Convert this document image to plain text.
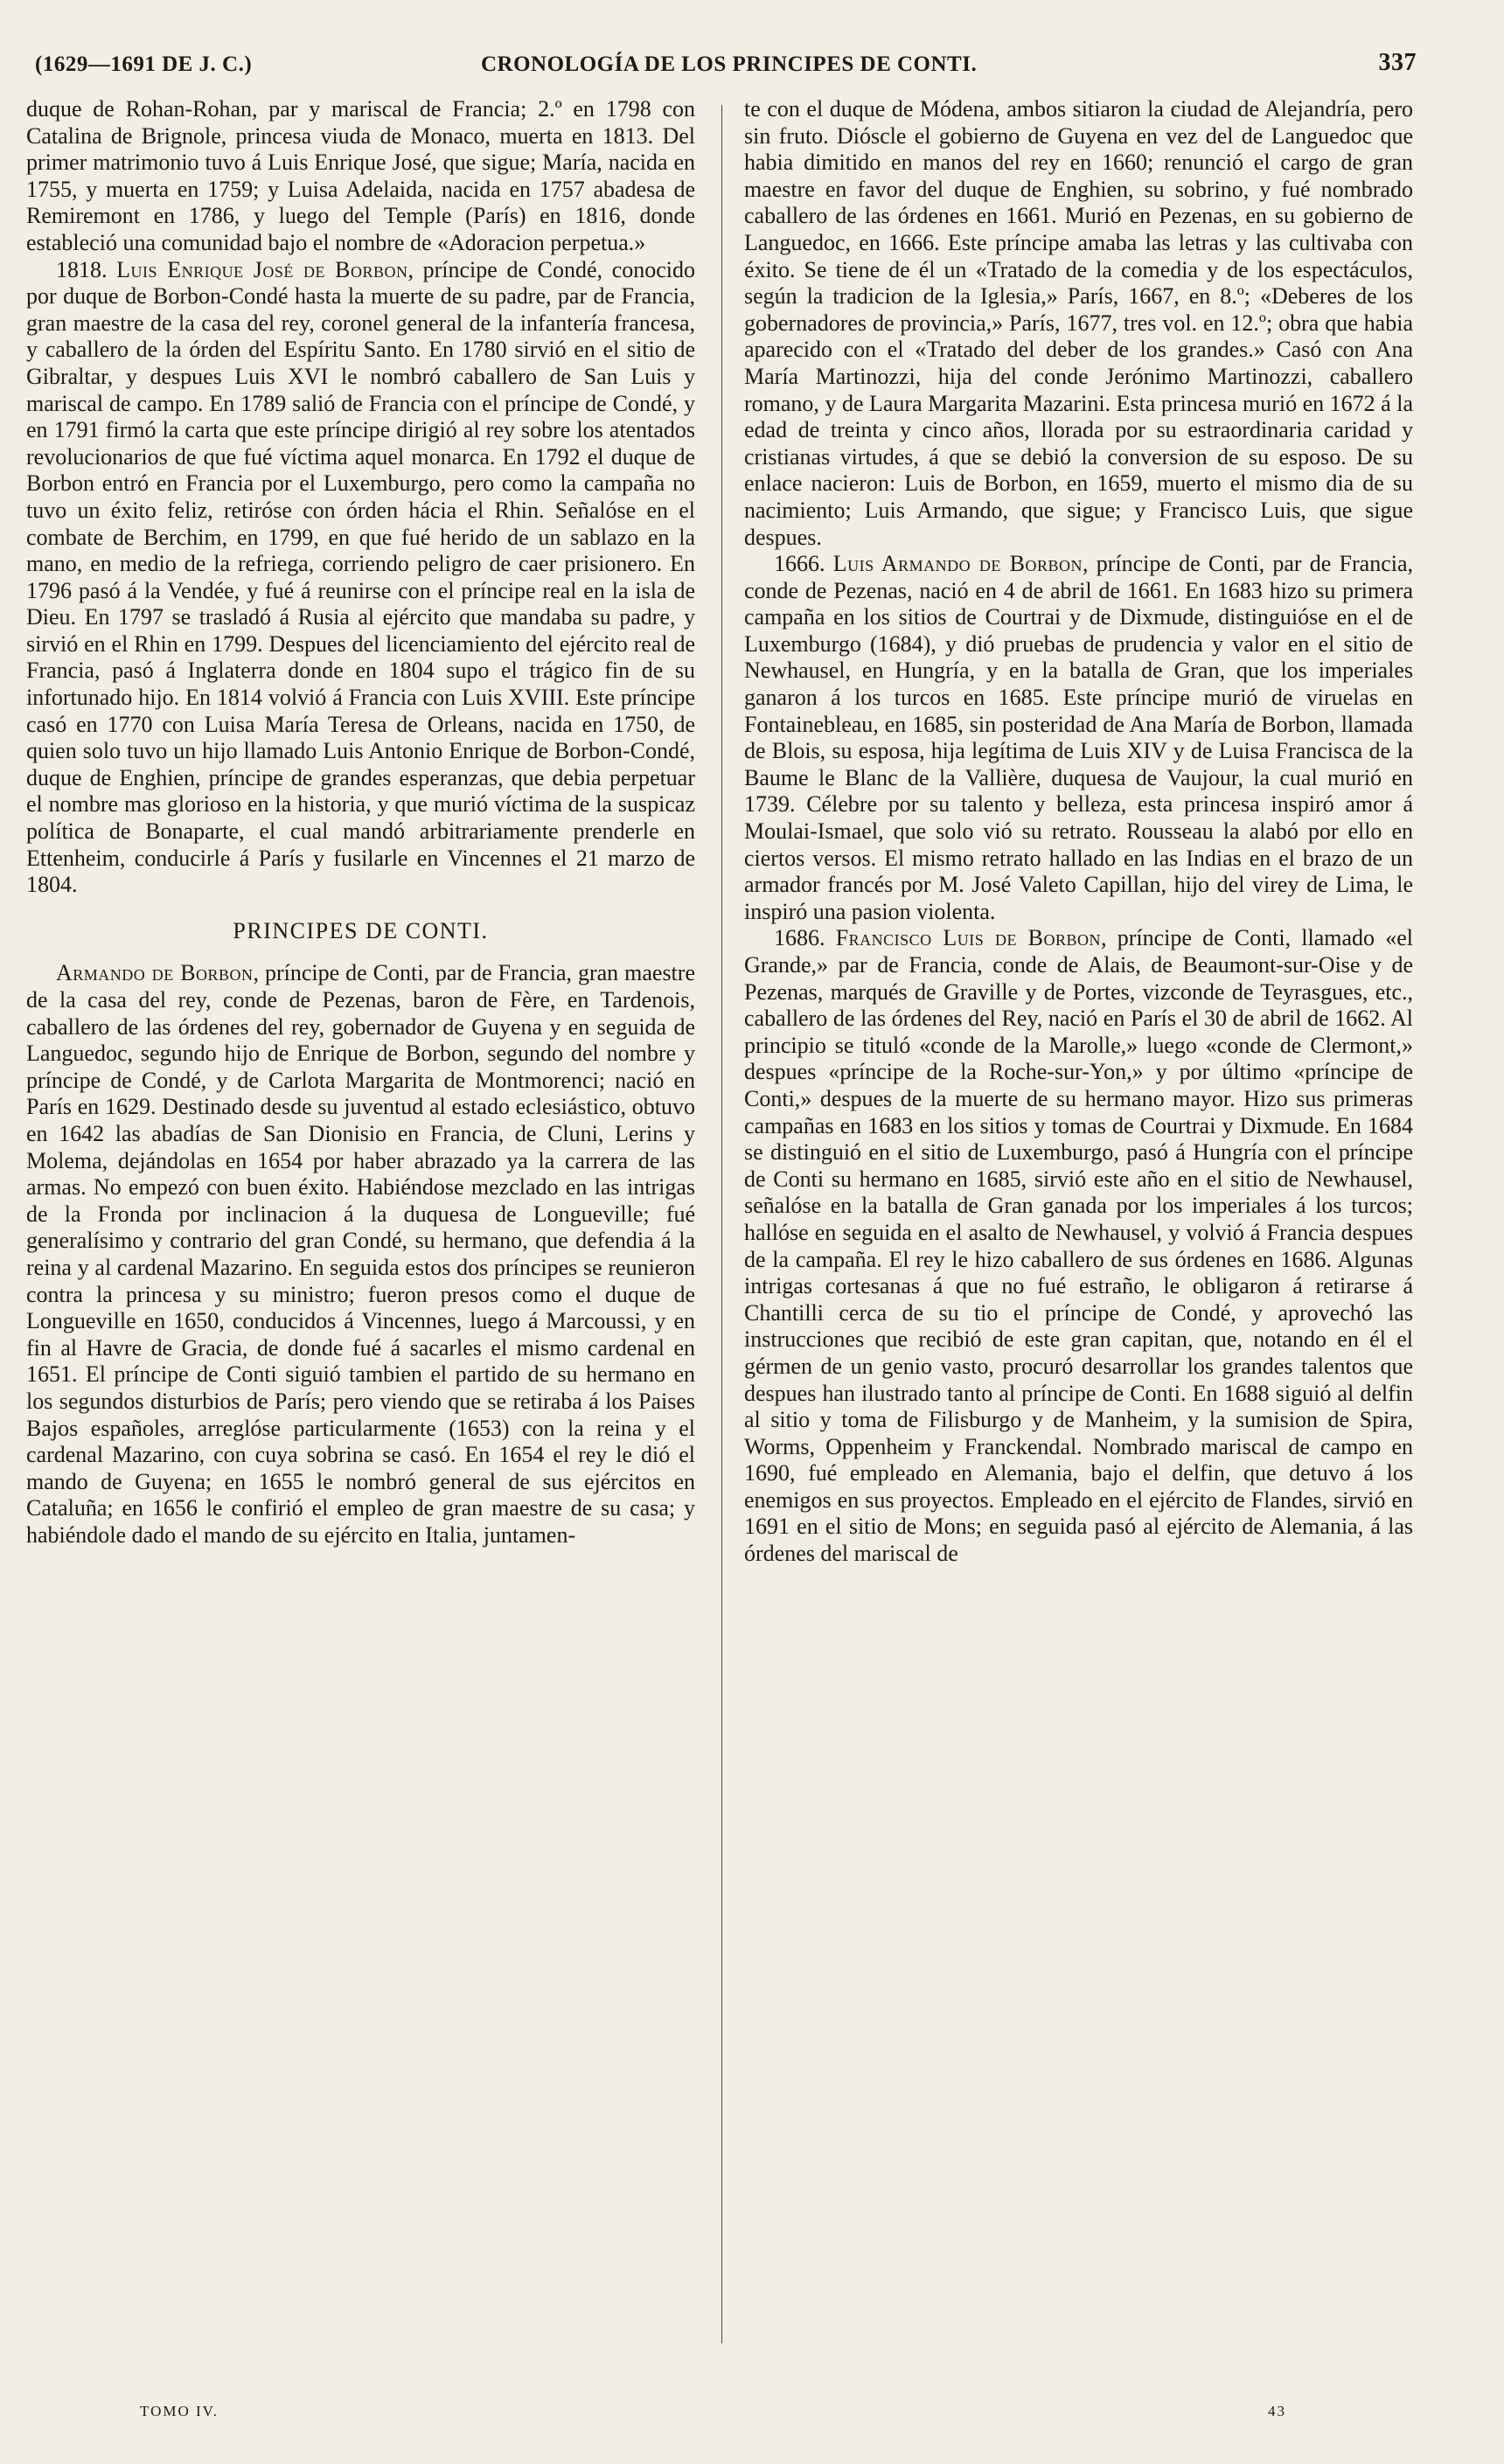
(1629—1691 DE J. C.)	CRONOLOGÍA DE LOS PRINCIPES DE CONTI.	337

duque de Rohan-Rohan, par y mariscal de Francia; 2.º en 1798 con Catalina de Brignole, princesa viuda de Monaco, muerta en 1813. Del primer matrimonio tuvo á Luis Enrique José, que sigue; María, nacida en 1755, y muerta en 1759; y Luisa Adelaida, nacida en 1757 abadesa de Remiremont en 1786, y luego del Temple (París) en 1816, donde estableció una comunidad bajo el nombre de «Adoracion perpetua.»

1818. Luis Enrique José de Borbon, príncipe de Condé, conocido por duque de Borbon-Condé hasta la muerte de su padre, par de Francia, gran maestre de la casa del rey, coronel general de la infantería francesa, y caballero de la órden del Espíritu Santo. En 1780 sirvió en el sitio de Gibraltar, y despues Luis XVI le nombró caballero de San Luis y mariscal de campo. En 1789 salió de Francia con el príncipe de Condé, y en 1791 firmó la carta que este príncipe dirigió al rey sobre los atentados revolucionarios de que fué víctima aquel monarca. En 1792 el duque de Borbon entró en Francia por el Luxemburgo, pero como la campaña no tuvo un éxito feliz, retiróse con órden hácia el Rhin. Señalóse en el combate de Berchim, en 1799, en que fué herido de un sablazo en la mano, en medio de la refriega, corriendo peligro de caer prisionero. En 1796 pasó á la Vendée, y fué á reunirse con el príncipe real en la isla de Dieu. En 1797 se trasladó á Rusia al ejército que mandaba su padre, y sirvió en el Rhin en 1799. Despues del licenciamiento del ejército real de Francia, pasó á Inglaterra donde en 1804 supo el trágico fin de su infortunado hijo. En 1814 volvió á Francia con Luis XVIII. Este príncipe casó en 1770 con Luisa María Teresa de Orleans, nacida en 1750, de quien solo tuvo un hijo llamado Luis Antonio Enrique de Borbon-Condé, duque de Enghien, príncipe de grandes esperanzas, que debia perpetuar el nombre mas glorioso en la historia, y que murió víctima de la suspicaz política de Bonaparte, el cual mandó arbitrariamente prenderle en Ettenheim, conducirle á París y fusilarle en Vincennes el 21 marzo de 1804.

PRINCIPES DE CONTI.

Armando de Borbon, príncipe de Conti, par de Francia, gran maestre de la casa del rey, conde de Pezenas, baron de Fère, en Tardenois, caballero de las órdenes del rey, gobernador de Guyena y en seguida de Languedoc, segundo hijo de Enrique de Borbon, segundo del nombre y príncipe de Condé, y de Carlota Margarita de Montmorenci; nació en París en 1629. Destinado desde su juventud al estado eclesiástico, obtuvo en 1642 las abadías de San Dionisio en Francia, de Cluni, Lerins y Molema, dejándolas en 1654 por haber abrazado ya la carrera de las armas. No empezó con buen éxito. Habiéndose mezclado en las intrigas de la Fronda por inclinacion á la duquesa de Longueville; fué generalísimo y contrario del gran Condé, su hermano, que defendia á la reina y al cardenal Mazarino. En seguida estos dos príncipes se reunieron contra la princesa y su ministro; fueron presos como el duque de Longueville en 1650, conducidos á Vincennes, luego á Marcoussi, y en fin al Havre de Gracia, de donde fué á sacarles el mismo cardenal en 1651. El príncipe de Conti siguió tambien el partido de su hermano en los segundos disturbios de París; pero viendo que se retiraba á los Paises Bajos españoles, arreglóse particularmente (1653) con la reina y el cardenal Mazarino, con cuya sobrina se casó. En 1654 el rey le dió el mando de Guyena; en 1655 le nombró general de sus ejércitos en Cataluña; en 1656 le confirió el empleo de gran maestre de su casa; y habiéndole dado el mando de su ejército en Italia, juntamen-

te con el duque de Módena, ambos sitiaron la ciudad de Alejandría, pero sin fruto. Dióscle el gobierno de Guyena en vez del de Languedoc que habia dimitido en manos del rey en 1660; renunció el cargo de gran maestre en favor del duque de Enghien, su sobrino, y fué nombrado caballero de las órdenes en 1661. Murió en Pezenas, en su gobierno de Languedoc, en 1666. Este príncipe amaba las letras y las cultivaba con éxito. Se tiene de él un «Tratado de la comedia y de los espectáculos, según la tradicion de la Iglesia,» París, 1667, en 8.º; «Deberes de los gobernadores de provincia,» París, 1677, tres vol. en 12.º; obra que habia aparecido con el «Tratado del deber de los grandes.» Casó con Ana María Martinozzi, hija del conde Jerónimo Martinozzi, caballero romano, y de Laura Margarita Mazarini. Esta princesa murió en 1672 á la edad de treinta y cinco años, llorada por su estraordinaria caridad y cristianas virtudes, á que se debió la conversion de su esposo. De su enlace nacieron: Luis de Borbon, en 1659, muerto el mismo dia de su nacimiento; Luis Armando, que sigue; y Francisco Luis, que sigue despues.

1666. Luis Armando de Borbon, príncipe de Conti, par de Francia, conde de Pezenas, nació en 4 de abril de 1661. En 1683 hizo su primera campaña en los sitios de Courtrai y de Dixmude, distinguióse en el de Luxemburgo (1684), y dió pruebas de prudencia y valor en el sitio de Newhausel, en Hungría, y en la batalla de Gran, que los imperiales ganaron á los turcos en 1685. Este príncipe murió de viruelas en Fontainebleau, en 1685, sin posteridad de Ana María de Borbon, llamada de Blois, su esposa, hija legítima de Luis XIV y de Luisa Francisca de la Baume le Blanc de la Vallière, duquesa de Vaujour, la cual murió en 1739. Célebre por su talento y belleza, esta princesa inspiró amor á Moulai-Ismael, que solo vió su retrato. Rousseau la alabó por ello en ciertos versos. El mismo retrato hallado en las Indias en el brazo de un armador francés por M. José Valeto Capillan, hijo del virey de Lima, le inspiró una pasion violenta.

1686. Francisco Luis de Borbon, príncipe de Conti, llamado «el Grande,» par de Francia, conde de Alais, de Beaumont-sur-Oise y de Pezenas, marqués de Graville y de Portes, vizconde de Teyrasgues, etc., caballero de las órdenes del Rey, nació en París el 30 de abril de 1662. Al principio se tituló «conde de la Marolle,» luego «conde de Clermont,» despues «príncipe de la Roche-sur-Yon,» y por último «príncipe de Conti,» despues de la muerte de su hermano mayor. Hizo sus primeras campañas en 1683 en los sitios y tomas de Courtrai y Dixmude. En 1684 se distinguió en el sitio de Luxemburgo, pasó á Hungría con el príncipe de Conti su hermano en 1685, sirvió este año en el sitio de Newhausel, señalóse en la batalla de Gran ganada por los imperiales á los turcos; hallóse en seguida en el asalto de Newhausel, y volvió á Francia despues de la campaña. El rey le hizo caballero de sus órdenes en 1686. Algunas intrigas cortesanas á que no fué estraño, le obligaron á retirarse á Chantilli cerca de su tio el príncipe de Condé, y aprovechó las instrucciones que recibió de este gran capitan, que, notando en él el gérmen de un genio vasto, procuró desarrollar los grandes talentos que despues han ilustrado tanto al príncipe de Conti. En 1688 siguió al delfin al sitio y toma de Filisburgo y de Manheim, y la sumision de Spira, Worms, Oppenheim y Franckendal. Nombrado mariscal de campo en 1690, fué empleado en Alemania, bajo el delfin, que detuvo á los enemigos en sus proyectos. Empleado en el ejército de Flandes, sirvió en 1691 en el sitio de Mons; en seguida pasó al ejército de Alemania, á las órdenes del mariscal de

TOMO IV.	43
